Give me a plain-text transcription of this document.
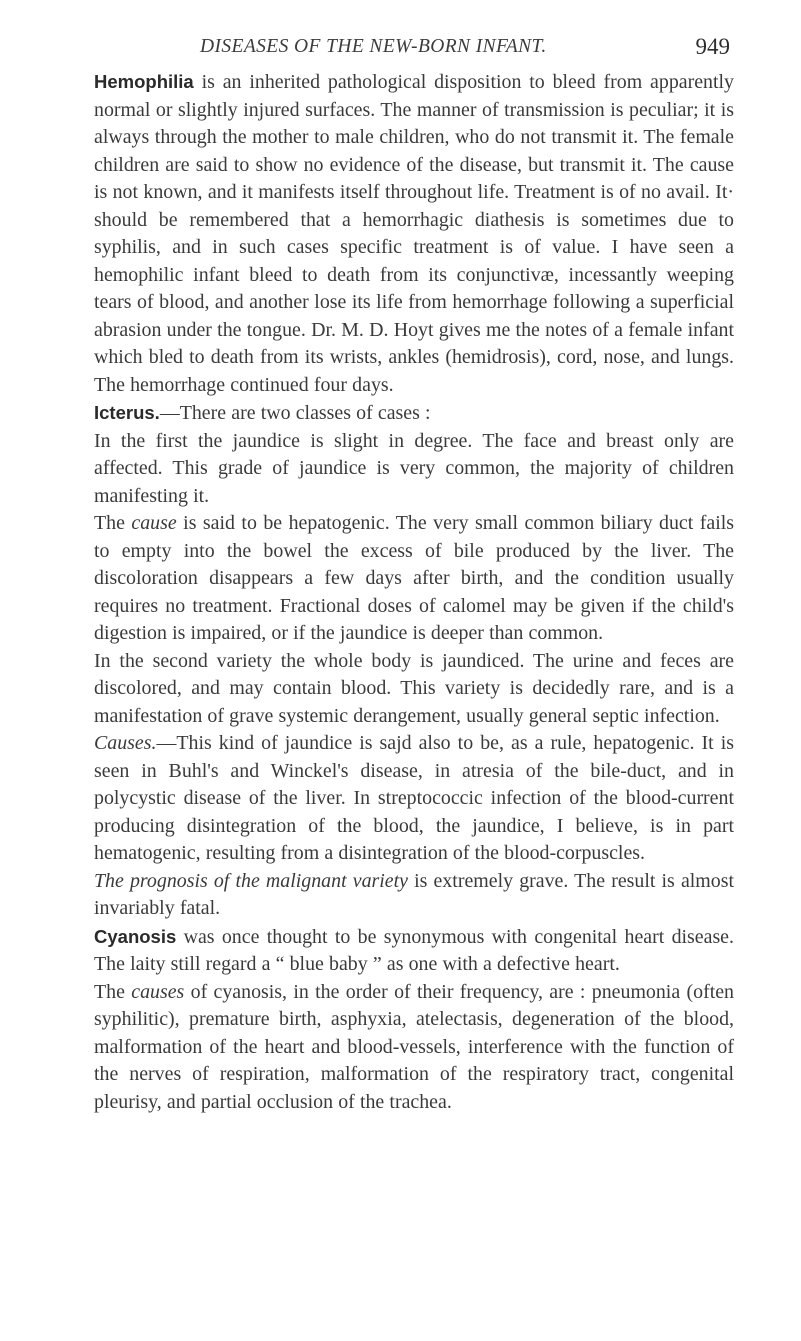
DISEASES OF THE NEW-BORN INFANT.	949

Hemophilia is an inherited pathological disposition to bleed from apparently normal or slightly injured surfaces. The manner of transmission is peculiar; it is always through the mother to male children, who do not transmit it. The female children are said to show no evidence of the disease, but transmit it. The cause is not known, and it manifests itself throughout life. Treatment is of no avail. It· should be remembered that a hemorrhagic diathesis is sometimes due to syphilis, and in such cases specific treatment is of value. I have seen a hemophilic infant bleed to death from its conjunctivæ, incessantly weeping tears of blood, and another lose its life from hemorrhage following a superficial abrasion under the tongue. Dr. M. D. Hoyt gives me the notes of a female infant which bled to death from its wrists, ankles (hemidrosis), cord, nose, and lungs. The hemorrhage continued four days.

Icterus.—There are two classes of cases :

In the first the jaundice is slight in degree. The face and breast only are affected. This grade of jaundice is very common, the majority of children manifesting it.

The cause is said to be hepatogenic. The very small common biliary duct fails to empty into the bowel the excess of bile produced by the liver. The discoloration disappears a few days after birth, and the condition usually requires no treatment. Fractional doses of calomel may be given if the child's digestion is impaired, or if the jaundice is deeper than common.

In the second variety the whole body is jaundiced. The urine and feces are discolored, and may contain blood. This variety is decidedly rare, and is a manifestation of grave systemic derangement, usually general septic infection.

Causes.—This kind of jaundice is sajd also to be, as a rule, hepatogenic. It is seen in Buhl's and Winckel's disease, in atresia of the bile-duct, and in polycystic disease of the liver. In streptococcic infection of the blood-current producing disintegration of the blood, the jaundice, I believe, is in part hematogenic, resulting from a disintegration of the blood-corpuscles.

The prognosis of the malignant variety is extremely grave. The result is almost invariably fatal.

Cyanosis was once thought to be synonymous with congenital heart disease. The laity still regard a “ blue baby ” as one with a defective heart.

The causes of cyanosis, in the order of their frequency, are : pneumonia (often syphilitic), premature birth, asphyxia, atelectasis, degeneration of the blood, malformation of the heart and blood-vessels, interference with the function of the nerves of respiration, malformation of the respiratory tract, congenital pleurisy, and partial occlusion of the trachea.
